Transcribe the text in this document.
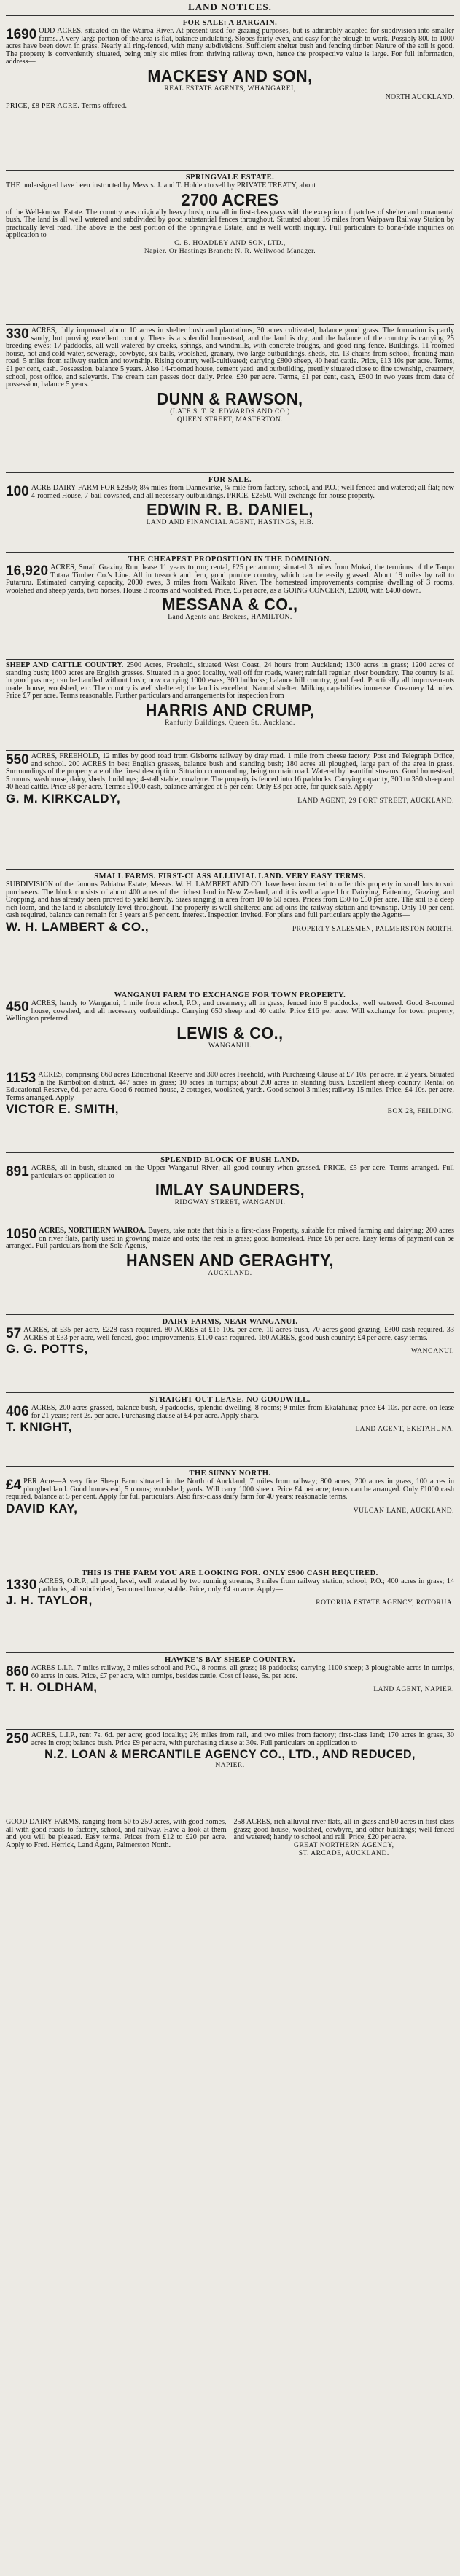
LAND NOTICES.
FOR SALE: A BARGAIN.

1690 ODD ACRES, situated on the Wairoa River. At present used for grazing purposes, but is admirably adapted for subdivision into smaller farms. A very large portion of the area is flat, balance undulating. Slopes fairly even, and easy for the plough to work. Possibly 800 to 1000 acres have been down in grass. Nearly all ring-fenced, with many subdivisions. Sufficient shelter bush and fencing timber. Nature of the soil is good. The property is conveniently situated, being only six miles from thriving railway town, hence the prospective value is large. For full information, address—

MACKESY AND SON,
REAL ESTATE AGENTS, WHANGAREI,
NORTH AUCKLAND.
PRICE, £8 PER ACRE. Terms offered.
SPRINGVALE ESTATE.

THE undersigned have been instructed by Messrs. J. and T. Holden to sell by PRIVATE TREATY, about

2700 ACRES

of the Well-known Estate. The country was originally heavy bush, now all in first-class grass with the exception of patches of shelter and ornamental bush. The land is all well watered and subdivided by good substantial fences throughout. Situated about 16 miles from Waipawa Railway Station by practically level road. The above is the best portion of the Springvale Estate, and is well worth inquiry. Full particulars to bona-fide inquiries on application to

C. B. HOADLEY AND SON, LTD.,
Napier. Or Hastings Branch: N. R. Wellwood Manager.

330 ACRES, fully improved, about 10 acres in shelter bush and plantations, 30 acres cultivated, balance good grass. The formation is partly sandy, but proving excellent country. There is a splendid homestead, and the land is dry, and the balance of the country is carrying 25 breeding ewes; 17 paddocks, all well-watered by creeks, springs, and windmills, with concrete troughs, and good ring-fence. Buildings, 11-roomed house, hot and cold water, sewerage, cowbyre, six bails, woolshed, granary, two large outbuildings, sheds, etc. 13 chains from school, fronting main road. 5 miles from railway station and township. Rising country well-cultivated; carrying £800 sheep, 40 head cattle. Price, £13 10s per acre. Terms, £1 per cent, cash. Possession, balance 5 years. Also 14-roomed house, cement yard, and outbuilding, prettily situated close to fine township, creamery, school, post office, and saleyards. The cream cart passes door daily. Price, £30 per acre. Terms, £1 per cent, cash, £500 in two years from date of possession, balance 5 years.

DUNN & RAWSON,
(LATE S. T. R. EDWARDS AND CO.)
QUEEN STREET, MASTERTON.
FOR SALE.

100 ACRE DAIRY FARM FOR £2850; 8¼ miles from Dannevirke, ¼-mile from factory, school, and P.O.; well fenced and watered; all flat; new 4-roomed House, 7-bail cowshed, and all necessary outbuildings. PRICE, £2850. Will exchange for house property.

EDWIN R. B. DANIEL,
LAND AND FINANCIAL AGENT, HASTINGS, H.B.
THE CHEAPEST PROPOSITION IN THE DOMINION.

16,920 ACRES, Small Grazing Run, lease 11 years to run; rental, £25 per annum; situated 3 miles from Mokai, the terminus of the Taupo Totara Timber Co.'s Line. All in tussock and fern, good pumice country, which can be easily grassed. About 19 miles by rail to Putaruru. Estimated carrying capacity, 2000 ewes, 3 miles from Waikato River. The homestead improvements comprise dwelling of 3 rooms, woolshed and sheep yards, two horses. House 3 rooms and woolshed. Price, £5 per acre, as a GOING CONCERN, £2000, with £400 down.

MESSANA & CO.,
Land Agents and Brokers, HAMILTON.

SHEEP AND CATTLE COUNTRY. 2500 Acres, Freehold, situated West Coast, 24 hours from Auckland; 1300 acres in grass; 1200 acres of standing bush; 1600 acres are English grasses. Situated in a good locality, well off for roads, water; rainfall regular; river boundary. The country is all in good pasture; can be handled without bush; now carrying 1000 ewes, 300 bullocks; balance hill country, good feed. Practically all improvements made; house, woolshed, etc. The country is well sheltered; the land is excellent; Natural shelter. Milking capabilities immense. Creamery 14 miles. Price £7 per acre. Terms reasonable. Further particulars and arrangements for inspection from

HARRIS AND CRUMP,
Ranfurly Buildings, Queen St., Auckland.

550 ACRES, FREEHOLD, 12 miles by good road from Gisborne railway by dray road. 1 mile from cheese factory, Post and Telegraph Office, and school. 200 ACRES in best English grasses, balance bush and standing bush; 180 acres all ploughed, large part of the area in grass. Surroundings of the property are of the finest description. Situation commanding, being on main road. Watered by beautiful streams. Good homestead, 5 rooms, washhouse, dairy, sheds, buildings; 4-stall stable; cowbyre. The property is fenced into 16 paddocks. Carrying capacity, 300 to 350 sheep and 40 head cattle. Price £8 per acre. Terms: £1000 cash, balance arranged at 5 per cent. Only £3 per acre, for quick sale. Apply—

G. M. KIRKCALDY,	LAND AGENT, 29 FORT STREET, AUCKLAND.
SMALL FARMS. FIRST-CLASS ALLUVIAL LAND. VERY EASY TERMS.

SUBDIVISION of the famous Pahiatua Estate, Messrs. W. H. LAMBERT AND CO. have been instructed to offer this property in small lots to suit purchasers. The block consists of about 400 acres of the richest land in New Zealand, and it is well adapted for Dairying, Fattening, Grazing, and Cropping, and has already been proved to yield heavily. Sizes ranging in area from 10 to 50 acres. Prices from £30 to £50 per acre. The soil is a deep rich loam, and the land is absolutely level throughout. The property is well sheltered and adjoins the railway station and township. Only 10 per cent. cash required, balance can remain for 5 years at 5 per cent. interest. Inspection invited. For plans and full particulars apply the Agents—

W. H. LAMBERT & CO.,	PROPERTY SALESMEN, PALMERSTON NORTH.
WANGANUI FARM TO EXCHANGE FOR TOWN PROPERTY.

450 ACRES, handy to Wanganui, 1 mile from school, P.O., and creamery; all in grass, fenced into 9 paddocks, well watered. Good 8-roomed house, cowshed, and all necessary outbuildings. Carrying 650 sheep and 40 cattle. Price £16 per acre. Will exchange for town property, Wellington preferred.

LEWIS & CO.,
WANGANUI.

1153 ACRES, comprising 860 acres Educational Reserve and 300 acres Freehold, with Purchasing Clause at £7 10s. per acre, in 2 years. Situated in the Kimbolton district. 447 acres in grass; 10 acres in turnips; about 200 acres in standing bush. Excellent sheep country. Rental on Educational Reserve, 6d. per acre. Good 6-roomed house, 2 cottages, woolshed, yards. Good school 3 miles; railway 15 miles. Price, £4 10s. per acre. Terms arranged. Apply—

VICTOR E. SMITH,	BOX 28, FEILDING.
SPLENDID BLOCK OF BUSH LAND.

891 ACRES, all in bush, situated on the Upper Wanganui River; all good country when grassed. PRICE, £5 per acre. Terms arranged. Full particulars on application to

IMLAY SAUNDERS,
RIDGWAY STREET, WANGANUI.

1050 ACRES, NORTHERN WAIROA. Buyers, take note that this is a first-class Property, suitable for mixed farming and dairying; 200 acres on river flats, partly used in growing maize and oats; the rest in grass; good homestead. Price £6 per acre. Easy terms of payment can be arranged. Full particulars from the Sole Agents,

HANSEN AND GERAGHTY,
AUCKLAND.
DAIRY FARMS, NEAR WANGANUI.

57 ACRES, at £35 per acre, £228 cash required. 80 ACRES at £16 10s. per acre, 10 acres bush, 70 acres good grazing, £300 cash required. 33 ACRES at £33 per acre, well fenced, good improvements, £100 cash required. 160 ACRES, good bush country; £4 per acre, easy terms.

G. G. POTTS,	WANGANUI.
STRAIGHT-OUT LEASE. NO GOODWILL.

406 ACRES, 200 acres grassed, balance bush, 9 paddocks, splendid dwelling, 8 rooms; 9 miles from Ekatahuna; price £4 10s. per acre, on lease for 21 years; rent 2s. per acre. Purchasing clause at £4 per acre. Apply sharp.

T. KNIGHT,	LAND AGENT, EKETAHUNA.
THE SUNNY NORTH.

£4 PER Acre—A very fine Sheep Farm situated in the North of Auckland, 7 miles from railway; 800 acres, 200 acres in grass, 100 acres in ploughed land. Good homestead, 5 rooms; woolshed; yards. Will carry 1000 sheep. Price £4 per acre; terms can be arranged. Only £1000 cash required, balance at 5 per cent. Apply for full particulars. Also first-class dairy farm for 40 years; reasonable terms.

DAVID KAY,	VULCAN LANE, AUCKLAND.
THIS IS THE FARM YOU ARE LOOKING FOR. ONLY £900 CASH REQUIRED.

1330 ACRES, O.R.P., all good, level, well watered by two running streams, 3 miles from railway station, school, P.O.; 400 acres in grass; 14 paddocks, all subdivided, 5-roomed house, stable. Price, only £4 an acre. Apply—

J. H. TAYLOR,	ROTORUA ESTATE AGENCY, ROTORUA.
HAWKE'S BAY SHEEP COUNTRY.

860 ACRES L.I.P., 7 miles railway, 2 miles school and P.O., 8 rooms, all grass; 18 paddocks; carrying 1100 sheep; 3 ploughable acres in turnips, 60 acres in oats. Price, £7 per acre, with turnips, besides cattle. Cost of lease, 5s. per acre.

T. H. OLDHAM,	LAND AGENT, NAPIER.

250 ACRES, L.I.P., rent 7s. 6d. per acre; good locality; 2½ miles from rail, and two miles from factory; first-class land; 170 acres in grass, 30 acres in crop; balance bush. Price £9 per acre, with purchasing clause at 30s. Full particulars on application to

N.Z. LOAN & MERCANTILE AGENCY CO., LTD., AND REDUCED,
NAPIER.

GOOD DAIRY FARMS, ranging from 50 to 250 acres, with good homes, all with good roads to factory, school, and railway. Have a look at them and you will be pleased. Easy terms. Prices from £12 to £20 per acre. Apply to Fred. Herrick, Land Agent, Palmerston North.

258 ACRES, rich alluvial river flats, all in grass and 80 acres in first-class grass; good house, woolshed, cowbyre, and other buildings; well fenced and watered; handy to school and rail. Price, £20 per acre.

GREAT NORTHERN AGENCY,
ST. ARCADE, AUCKLAND.
